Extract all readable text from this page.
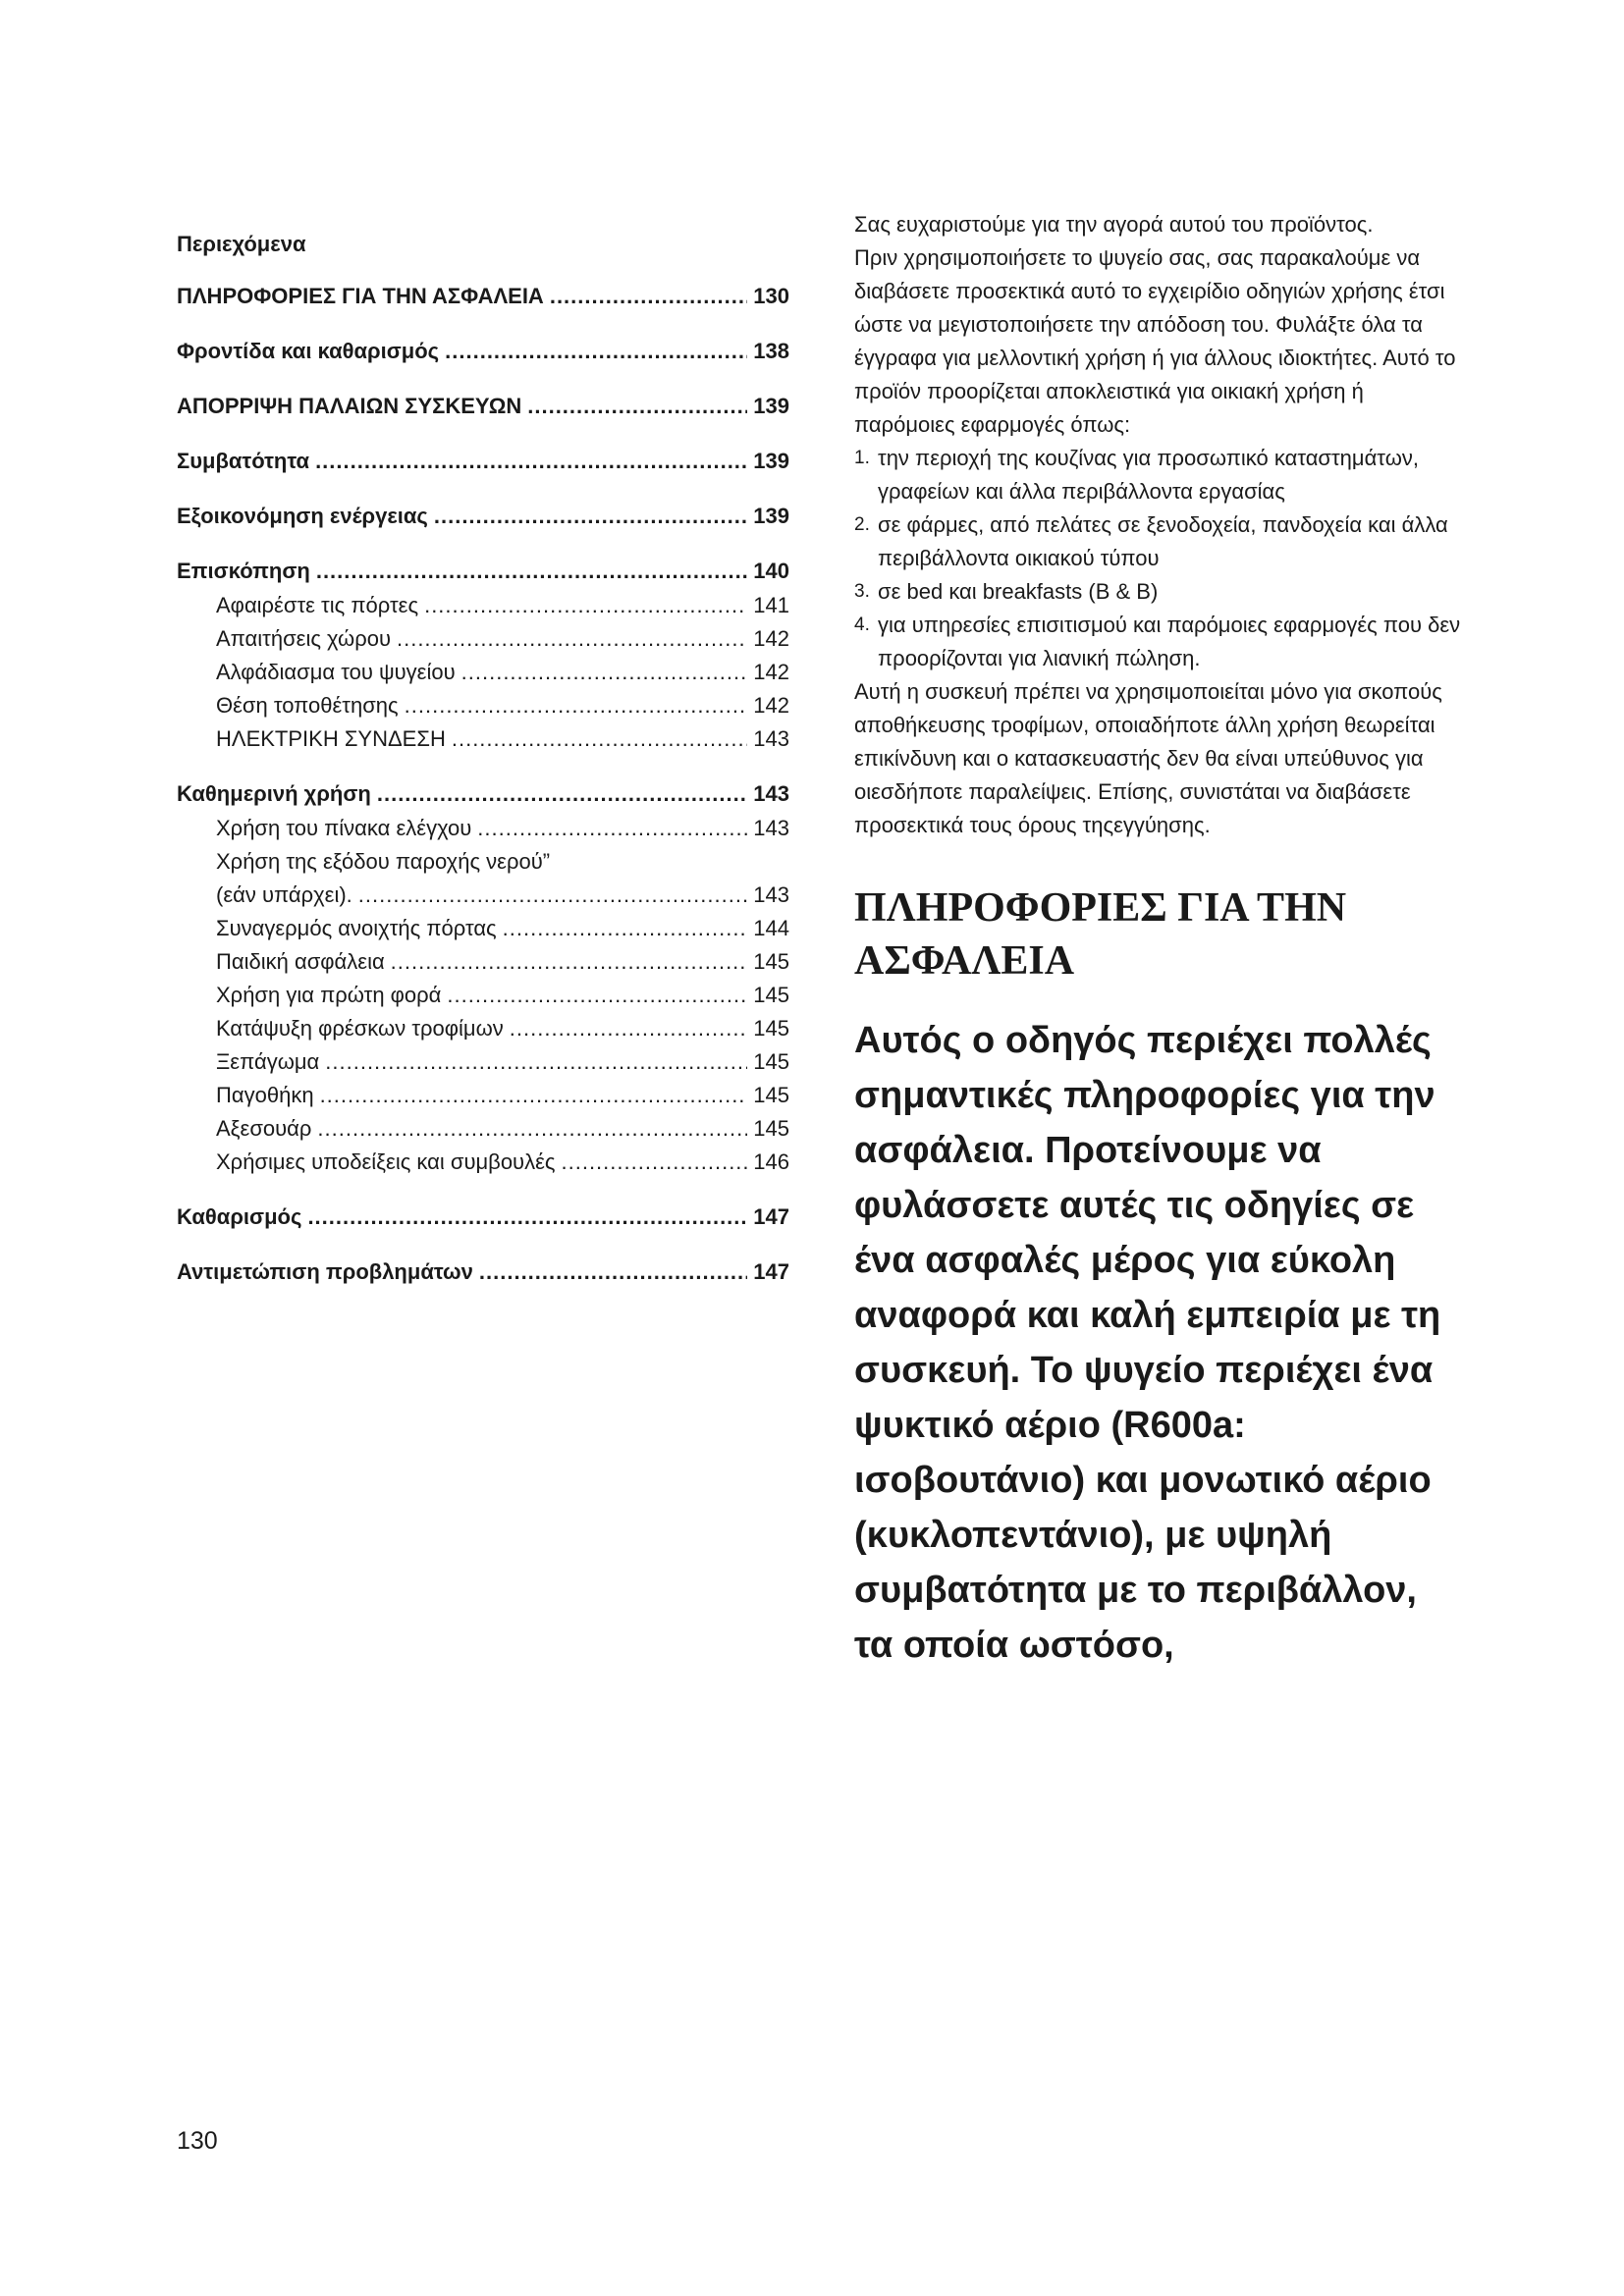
Περιεχόμενα
ΠΛΗΡΟΦΟΡΙΕΣ ΓΙΑ ΤΗΝ ΑΣΦΑΛΕΙΑ .....	130
Φροντίδα και καθαρισμός .....	138
ΑΠΟΡΡΙΨΗ ΠΑΛΑΙΩΝ ΣΥΣΚΕΥΩΝ .....	139
Συμβατότητα .....	139
Εξοικονόμηση ενέργειας .....	139
Επισκόπηση .....	140
Αφαιρέστε τις πόρτες .....	141
Απαιτήσεις χώρου .....	142
Αλφάδιασμα του ψυγείου .....	142
Θέση τοποθέτησης .....	142
ΗΛΕΚΤΡΙΚΗ ΣΥΝΔΕΣΗ .....	143
Καθημερινή χρήση .....	143
Χρήση του πίνακα ελέγχου .....	143
Χρήση της εξόδου παροχής νερού”
(εάν υπάρχει). .....	143
Συναγερμός ανοιχτής πόρτας .....	144
Παιδική ασφάλεια .....	145
Χρήση για πρώτη φορά .....	145
Κατάψυξη φρέσκων τροφίμων .....	145
Ξεπάγωμα .....	145
Παγοθήκη .....	145
Αξεσουάρ .....	145
Χρήσιμες υποδείξεις και συμβουλές .....	146
Καθαρισμός .....	147
Αντιμετώπιση προβλημάτων .....	147

Σας ευχαριστούμε για την αγορά αυτού του προϊόντος.

Πριν χρησιμοποιήσετε το ψυγείο σας, σας παρακαλούμε να διαβάσετε προσεκτικά αυτό το εγχειρίδιο οδηγιών χρήσης έτσι ώστε να μεγιστοποιήσετε την απόδοση του. Φυλάξτε όλα τα έγγραφα για μελλοντική χρήση ή για άλλους ιδιοκτήτες. Αυτό το προϊόν προορίζεται αποκλειστικά για οικιακή χρήση ή παρόμοιες εφαρμογές όπως:

1. την περιοχή της κουζίνας για προσωπικό καταστημάτων, γραφείων και άλλα περιβάλλοντα εργασίας
2. σε φάρμες, από πελάτες σε ξενοδοχεία, πανδοχεία και άλλα περιβάλλοντα οικιακού τύπου
3. σε bed και breakfasts (B & B)
4. για υπηρεσίες επισιτισμού και παρόμοιες εφαρμογές που δεν προορίζονται για λιανική πώληση.

Αυτή η συσκευή πρέπει να χρησιμοποιείται μόνο για σκοπούς αποθήκευσης τροφίμων, οποιαδήποτε άλλη χρήση θεωρείται επικίνδυνη και ο κατασκευαστής δεν θα είναι υπεύθυνος για οιεσδήποτε παραλείψεις. Επίσης, συνιστάται να διαβάσετε προσεκτικά τους όρους τηςεγγύησης.

ΠΛΗΡΟΦΟΡΙΕΣ ΓΙΑ ΤΗΝ ΑΣΦΑΛΕΙΑ

Αυτός ο οδηγός περιέχει πολλές σημαντικές πληροφορίες για την ασφάλεια. Προτείνουμε να φυλάσσετε αυτές τις οδηγίες σε ένα ασφαλές μέρος για εύκολη αναφορά και καλή εμπειρία με τη συσκευή. Το ψυγείο περιέχει ένα ψυκτικό αέριο (R600a: ισοβουτάνιο) και μονωτικό αέριο (κυκλοπεντάνιο), με υψηλή συμβατότητα με το περιβάλλον, τα οποία ωστόσο,

130
